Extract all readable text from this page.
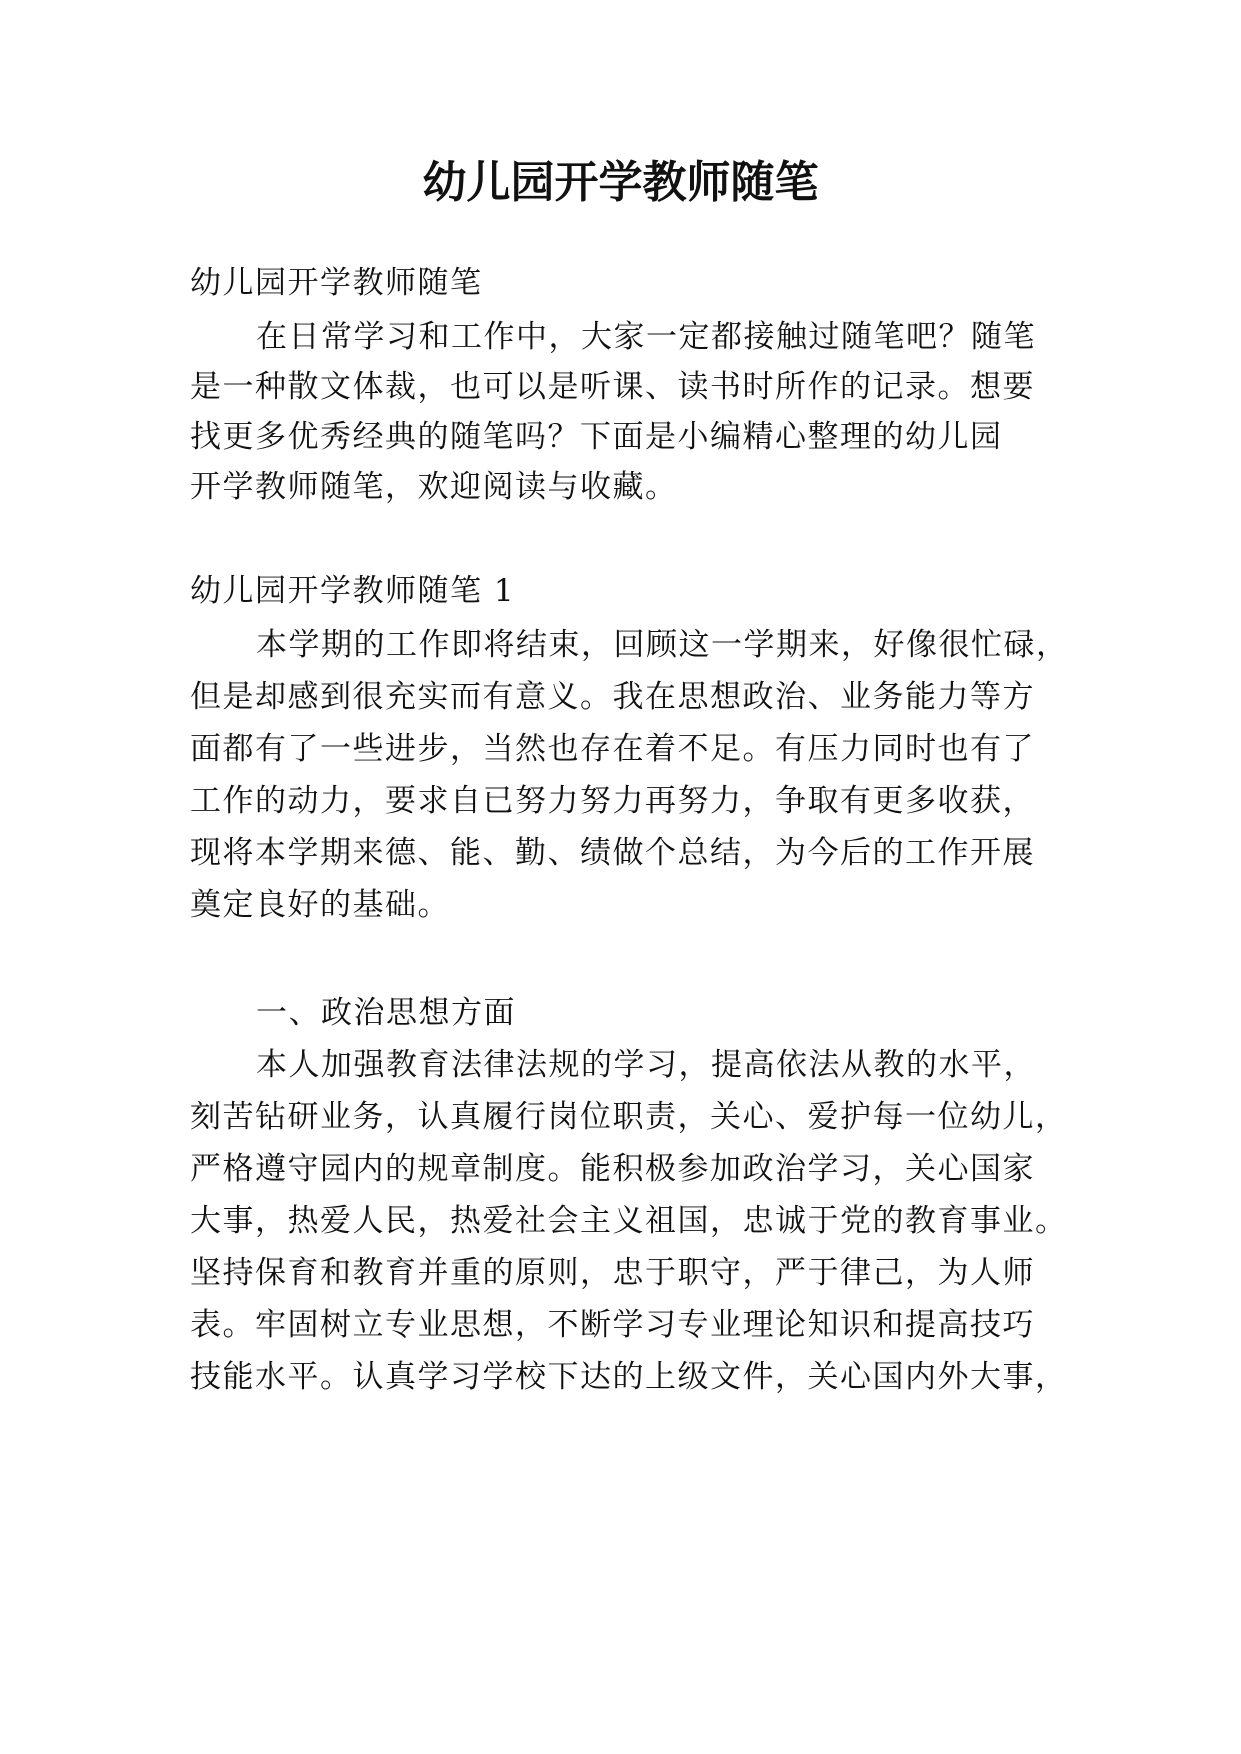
幼儿园开学教师随笔
幼儿园开学教师随笔
在日常学习和工作中，大家一定都接触过随笔吧？随笔
是一种散文体裁，也可以是听课、读书时所作的记录。想要
找更多优秀经典的随笔吗？下面是小编精心整理的幼儿园
开学教师随笔，欢迎阅读与收藏。
幼儿园开学教师随笔 1
本学期的工作即将结束，回顾这一学期来，好像很忙碌，
但是却感到很充实而有意义。我在思想政治、业务能力等方
面都有了一些进步，当然也存在着不足。有压力同时也有了
工作的动力，要求自已努力努力再努力，争取有更多收获，
现将本学期来德、能、勤、绩做个总结，为今后的工作开展
奠定良好的基础。
一、政治思想方面
本人加强教育法律法规的学习，提高依法从教的水平，
刻苦钻研业务，认真履行岗位职责，关心、爱护每一位幼儿，
严格遵守园内的规章制度。能积极参加政治学习，关心国家
大事，热爱人民，热爱社会主义祖国，忠诚于党的教育事业。
坚持保育和教育并重的原则，忠于职守，严于律己，为人师
表。牢固树立专业思想，不断学习专业理论知识和提高技巧
技能水平。认真学习学校下达的上级文件，关心国内外大事，
